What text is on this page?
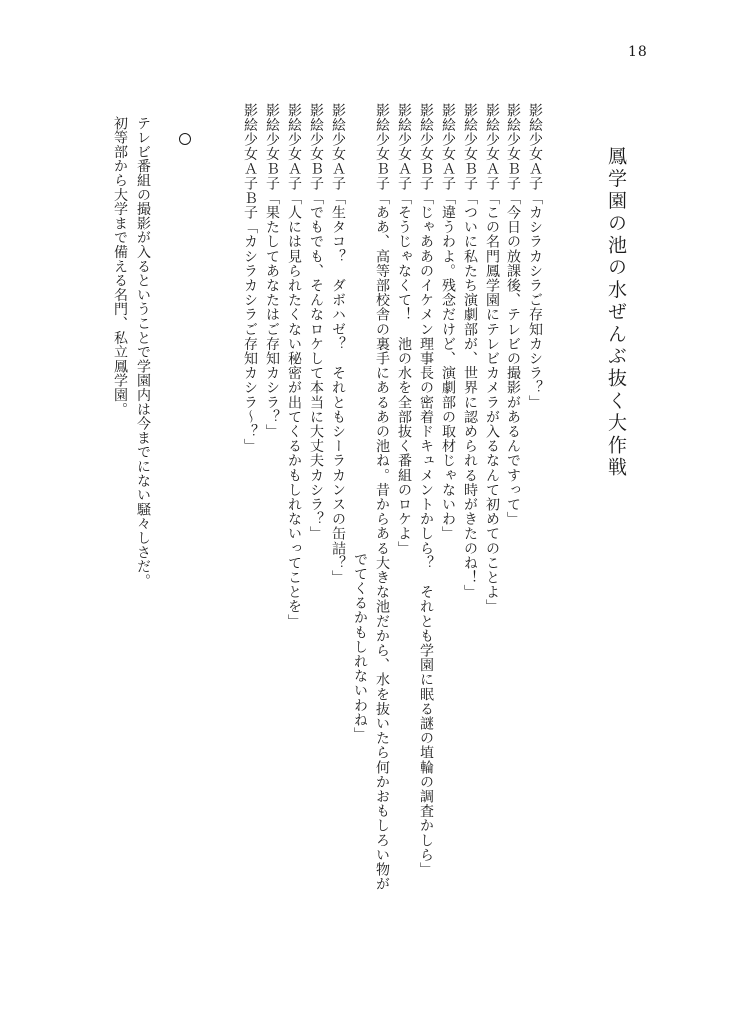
18
鳳学園の池の水ぜんぶ抜く大作戦
影絵少女Ａ子「カシラカシラご存知カシラ？」
影絵少女Ｂ子「今日の放課後、テレビの撮影があるんですって」
影絵少女Ａ子「この名門鳳学園にテレビカメラが入るなんて初めてのことよ」
影絵少女Ｂ子「ついに私たち演劇部が、世界に認められる時がきたのね！」
影絵少女Ａ子「違うわよ。残念だけど、演劇部の取材じゃないわ」
影絵少女Ｂ子「じゃああのイケメン理事長の密着ドキュメントかしら？　それとも学園に眠る謎の埴輪の調査かしら」
影絵少女Ａ子「そうじゃなくて！　池の水を全部抜く番組のロケよ」
影絵少女Ｂ子「ああ、高等部校舎の裏手にあるあの池ね。昔からある大きな池だから、水を抜いたら何かおもしろい物が
でてくるかもしれないわね」
影絵少女Ａ子「生タコ？　ダボハゼ？　それともシーラカンスの缶詰？」
影絵少女Ｂ子「でもでも、そんなロケして本当に大丈夫カシラ？」
影絵少女Ａ子「人には見られたくない秘密が出てくるかもしれないってことを」
影絵少女Ｂ子「果たしてあなたはご存知カシラ？」
影絵少女Ａ子Ｂ子「カシラカシラご存知カシラ〜？」
テレビ番組の撮影が入るということで学園内は今までにない騒々しさだ。
初等部から大学まで備える名門、私立鳳学園。
